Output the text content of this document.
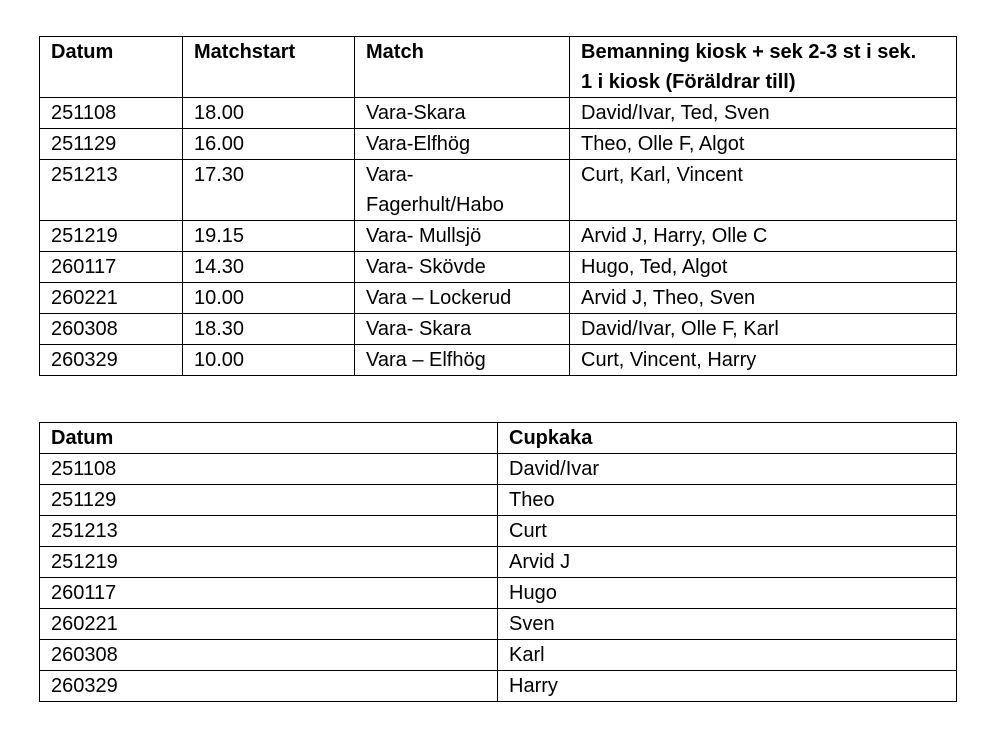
Datum	Matchstart	Match	Bemanning kiosk + sek 2-3 st i sek. 1 i kiosk (Föräldrar till)
251108	18.00	Vara-Skara	David/Ivar, Ted, Sven
251129	16.00	Vara-Elfhög	Theo, Olle F, Algot
251213	17.30	Vara-Fagerhult/Habo	Curt, Karl, Vincent
251219	19.15	Vara- Mullsjö	Arvid J, Harry, Olle C
260117	14.30	Vara- Skövde	Hugo, Ted, Algot
260221	10.00	Vara – Lockerud	Arvid J, Theo, Sven
260308	18.30	Vara- Skara	David/Ivar, Olle F, Karl
260329	10.00	Vara – Elfhög	Curt, Vincent, Harry
Datum	Cupkaka
251108	David/Ivar
251129	Theo
251213	Curt
251219	Arvid J
260117	Hugo
260221	Sven
260308	Karl
260329	Harry
